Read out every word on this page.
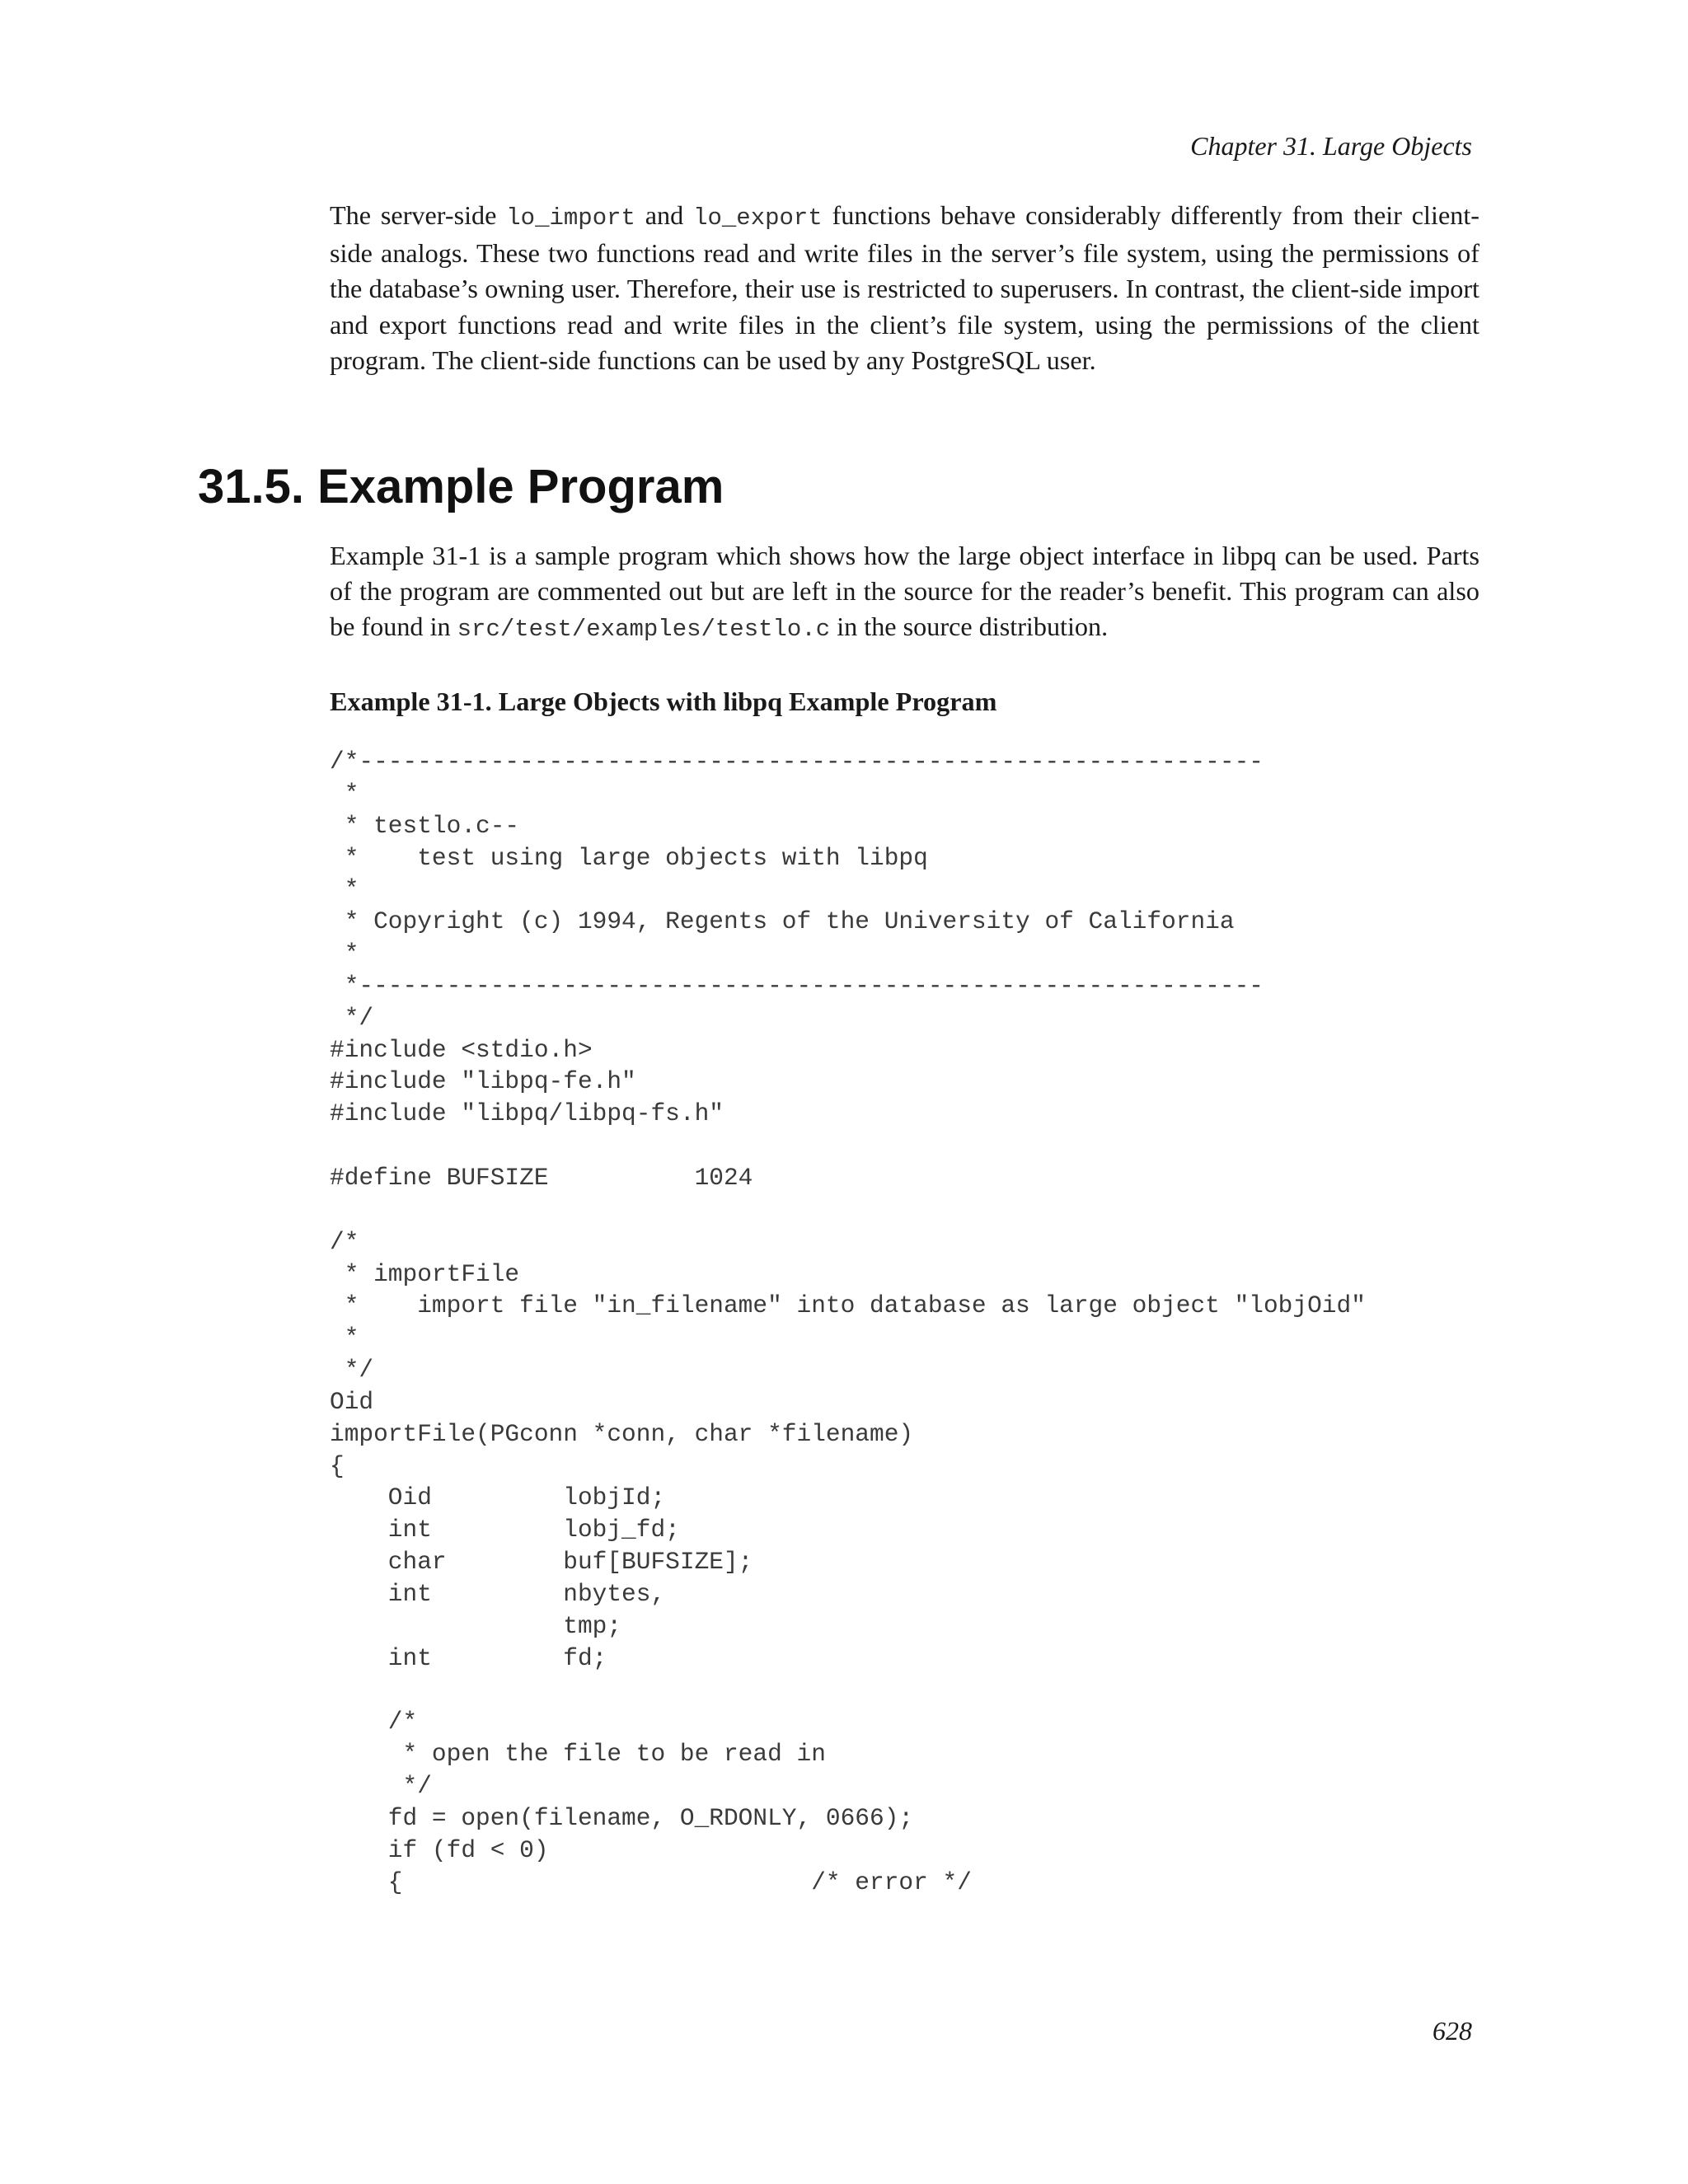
Chapter 31. Large Objects

The server-side lo_import and lo_export functions behave considerably differently from their client-side analogs. These two functions read and write files in the server’s file system, using the permissions of the database’s owning user. Therefore, their use is restricted to superusers. In contrast, the client-side import and export functions read and write files in the client’s file system, using the permissions of the client program. The client-side functions can be used by any PostgreSQL user.

31.5. Example Program

Example 31-1 is a sample program which shows how the large object interface in libpq can be used. Parts of the program are commented out but are left in the source for the reader’s benefit. This program can also be found in src/test/examples/testlo.c in the source distribution.

Example 31-1. Large Objects with libpq Example Program
/*--------------------------------------------------------------
*
* testlo.c--
*    test using large objects with libpq
*
* Copyright (c) 1994, Regents of the University of California
*
*--------------------------------------------------------------
*/
#include <stdio.h>
#include "libpq-fe.h"
#include "libpq/libpq-fs.h"
#define BUFSIZE          1024
/*
* importFile
*    import file "in_filename" into database as large object "lobjOid"
*
*/
Oid
importFile(PGconn *conn, char *filename)
{
Oid         lobjId;
int         lobj_fd;
char        buf[BUFSIZE];
int         nbytes,
tmp;
int         fd;
/*
* open the file to be read in
*/
fd = open(filename, O_RDONLY, 0666);
if (fd < 0)
{                            /* error */
628
